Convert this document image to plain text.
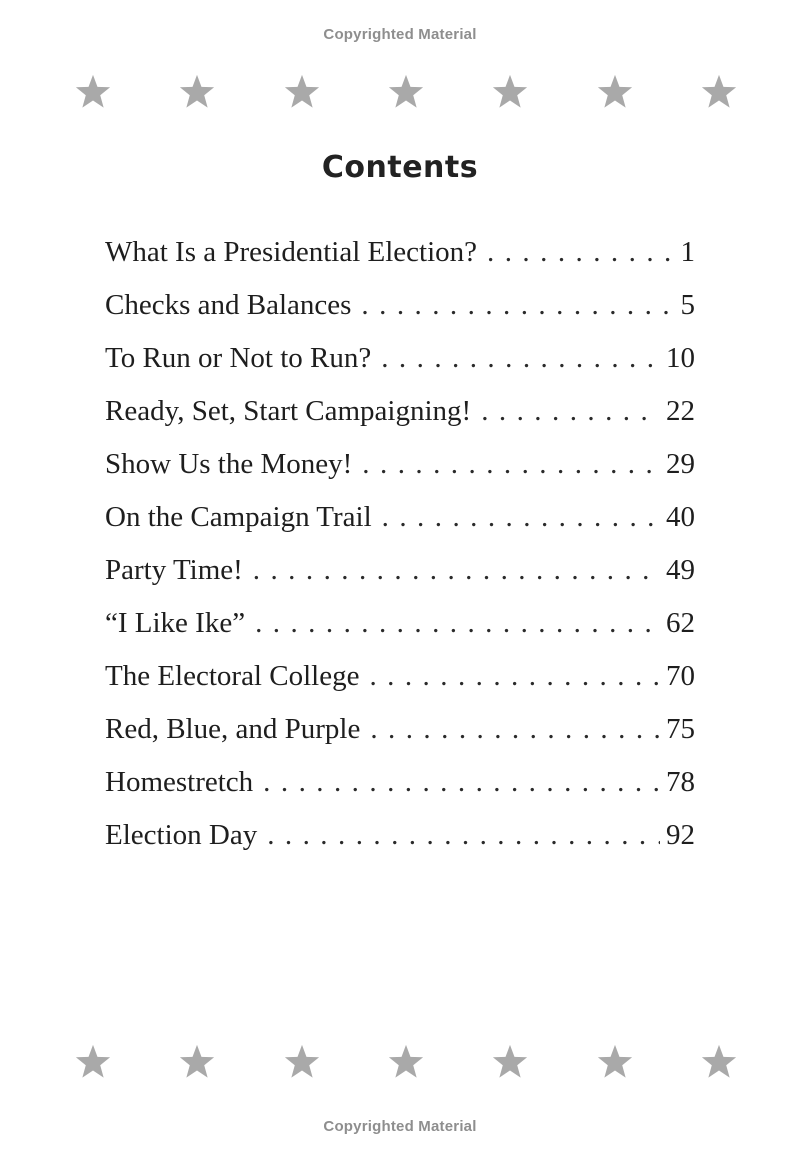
Copyrighted Material
Contents
What Is a Presidential Election? . . .	1
Checks and Balances . . .	5
To Run or Not to Run? . . .	10
Ready, Set, Start Campaigning! . . .	22
Show Us the Money! . . .	29
On the Campaign Trail . . .	40
Party Time! . . .	49
“I Like Ike” . . .	62
The Electoral College . . .	70
Red, Blue, and Purple . . .	75
Homestretch . . .	78
Election Day . . .	92
Copyrighted Material
